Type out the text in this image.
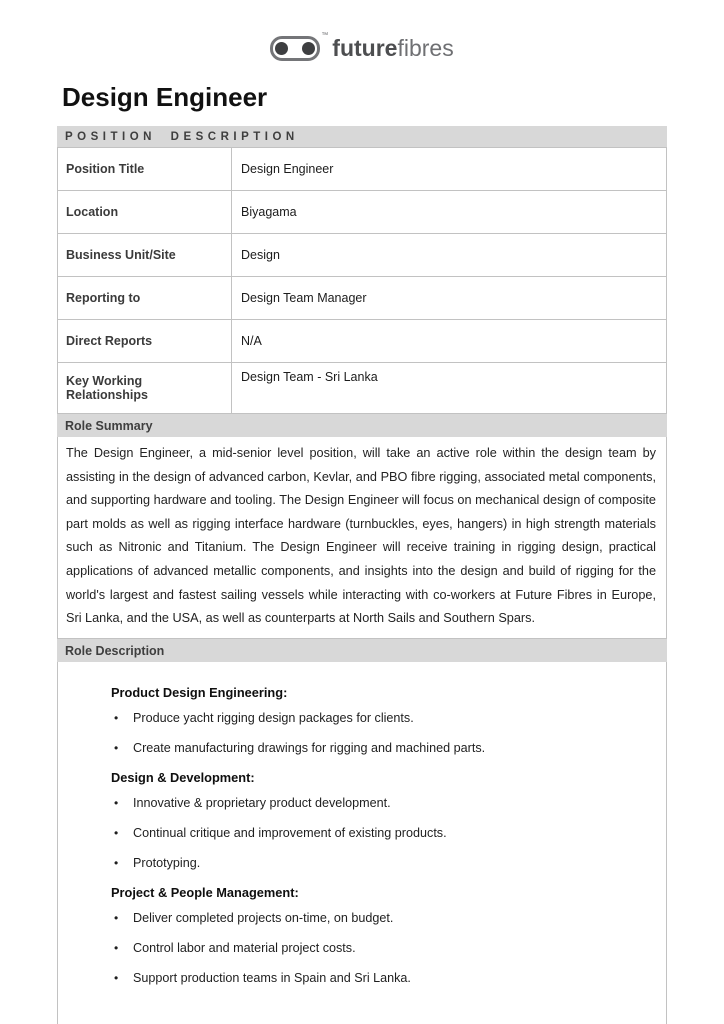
™ futurefibres
Design Engineer
POSITION DESCRIPTION
Position Title	Design Engineer
Location	Biyagama
Business Unit/Site	Design
Reporting to	Design Team Manager
Direct Reports	N/A
Key Working Relationships	Design Team - Sri Lanka
Role Summary
The Design Engineer, a mid-senior level position, will take an active role within the design team by assisting in the design of advanced carbon, Kevlar, and PBO fibre rigging, associated metal components, and supporting hardware and tooling. The Design Engineer will focus on mechanical design of composite part molds as well as rigging interface hardware (turnbuckles, eyes, hangers) in high strength materials such as Nitronic and Titanium. The Design Engineer will receive training in rigging design, practical applications of advanced metallic components, and insights into the design and build of rigging for the world's largest and fastest sailing vessels while interacting with co-workers at Future Fibres in Europe, Sri Lanka, and the USA, as well as counterparts at North Sails and Southern Spars.
Role Description
Product Design Engineering:
• Produce yacht rigging design packages for clients.
• Create manufacturing drawings for rigging and machined parts.
Design & Development:
• Innovative & proprietary product development.
• Continual critique and improvement of existing products.
• Prototyping.
Project & People Management:
• Deliver completed projects on-time, on budget.
• Control labor and material project costs.
• Support production teams in Spain and Sri Lanka.
